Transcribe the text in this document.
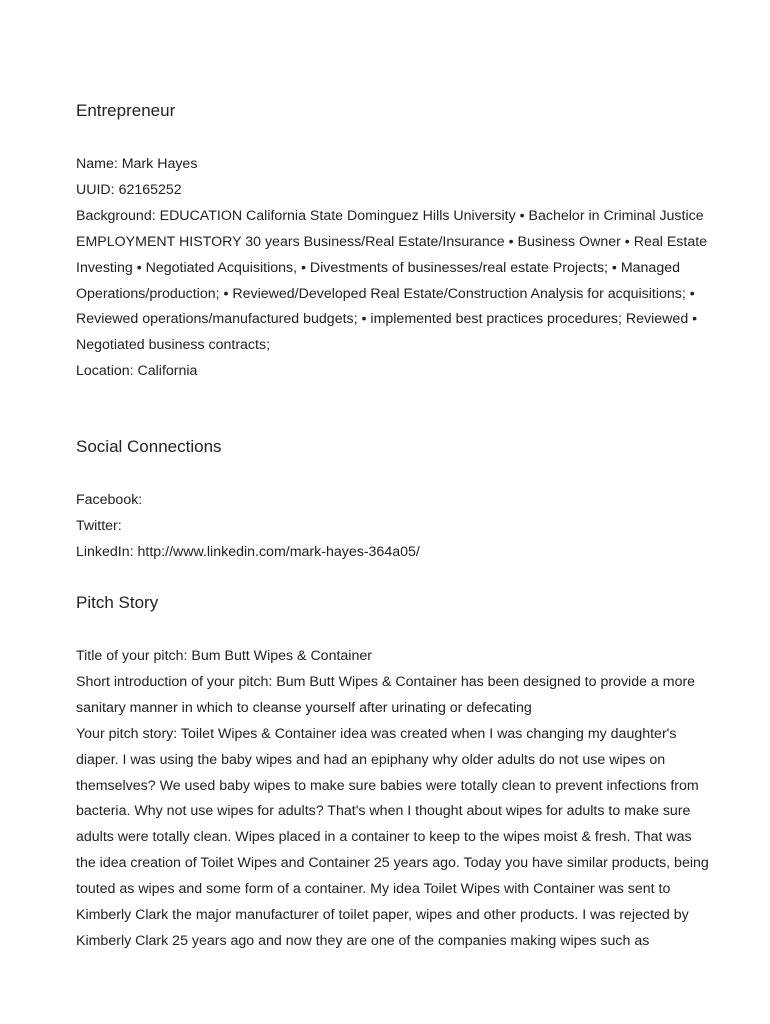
Entrepreneur

Name: Mark Hayes

UUID: 62165252

Background: EDUCATION California State Dominguez Hills University • Bachelor in Criminal Justice EMPLOYMENT HISTORY 30 years Business/Real Estate/Insurance • Business Owner • Real Estate Investing • Negotiated Acquisitions, • Divestments of businesses/real estate Projects; • Managed Operations/production; • Reviewed/Developed Real Estate/Construction Analysis for acquisitions; • Reviewed operations/manufactured budgets; • implemented best practices procedures; Reviewed • Negotiated business contracts;

Location: California

Social Connections

Facebook:

Twitter:

LinkedIn: http://www.linkedin.com/mark-hayes-364a05/

Pitch Story

Title of your pitch: Bum Butt Wipes & Container

Short introduction of your pitch: Bum Butt Wipes & Container has been designed to provide a more sanitary manner in which to cleanse yourself after urinating or defecating

Your pitch story: Toilet Wipes & Container idea was created when I was changing my daughter's diaper. I was using the baby wipes and had an epiphany why older adults do not use wipes on themselves? We used baby wipes to make sure babies were totally clean to prevent infections from bacteria. Why not use wipes for adults? That's when I thought about wipes for adults to make sure adults were totally clean. Wipes placed in a container to keep to the wipes moist & fresh. That was the idea creation of Toilet Wipes and Container 25 years ago. Today you have similar products, being touted as wipes and some form of a container. My idea Toilet Wipes with Container was sent to Kimberly Clark the major manufacturer of toilet paper, wipes and other products. I was rejected by Kimberly Clark 25 years ago and now they are one of the companies making wipes such as
